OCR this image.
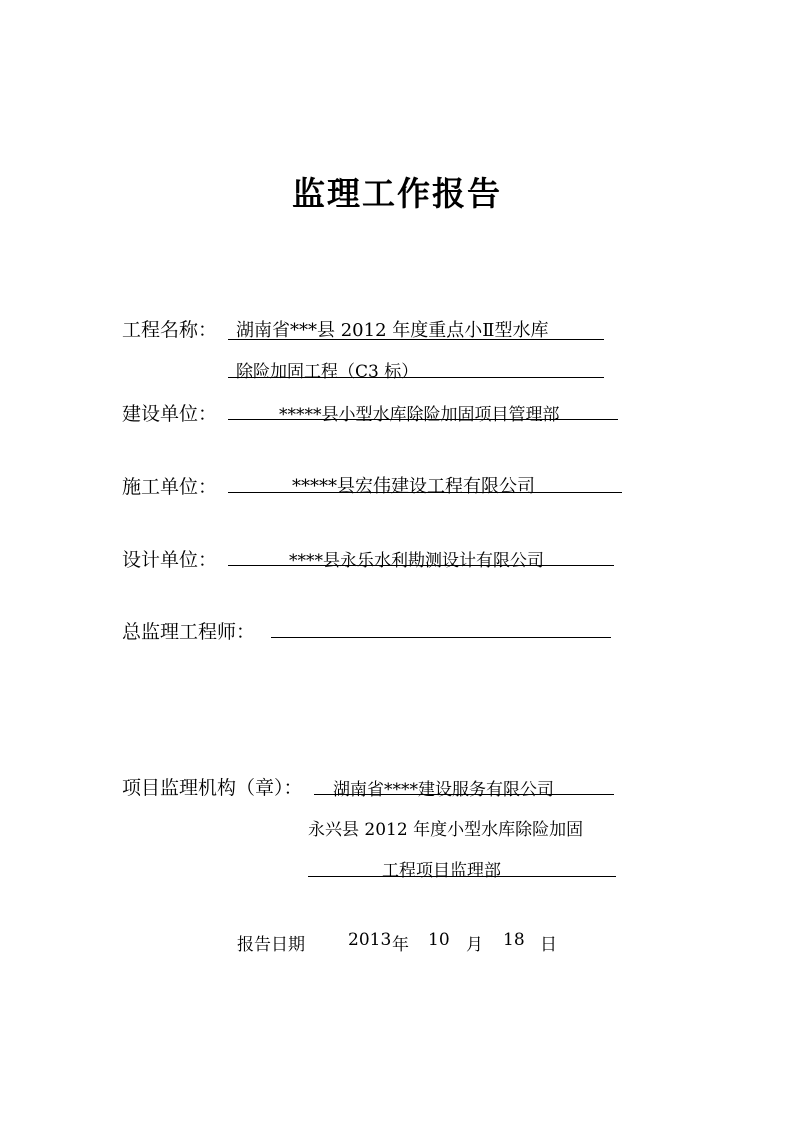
监理工作报告
工程名称： 湖南省***县 2012 年度重点小Ⅱ型水库
除险加固工程（C3 标）
建设单位：	*****县小型水库除险加固项目管理部
施工单位：	*****县宏伟建设工程有限公司
设计单位：	****县永乐水利勘测设计有限公司
总监理工程师：
项目监理机构（章）： 湖南省****建设服务有限公司
永兴县 2012 年度小型水库除险加固
工程项目监理部
报告日期	2013 年 10 月 18 日
